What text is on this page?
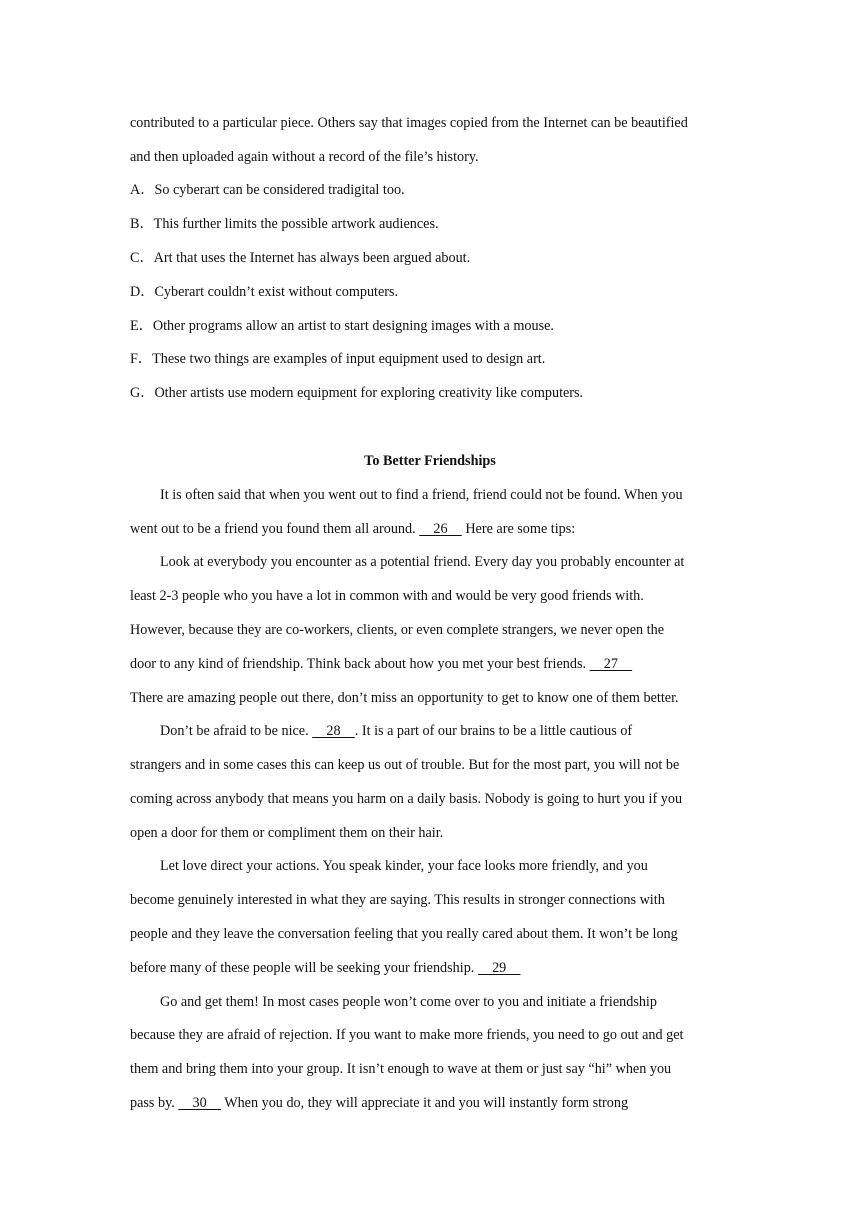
contributed to a particular piece. Others say that images copied from the Internet can be beautified
and then uploaded again without a record of the file’s history.
A．So cyberart can be considered tradigital too.
B．This further limits the possible artwork audiences.
C．Art that uses the Internet has always been argued about.
D．Cyberart couldn’t exist without computers.
E．Other programs allow an artist to start designing images with a mouse.
F．These two things are examples of input equipment used to design art.
G．Other artists use modern equipment for exploring creativity like computers.
To Better Friendships
It is often said that when you went out to find a friend, friend could not be found. When you
went out to be a friend you found them all around.     26     Here are some tips:
Look at everybody you encounter as a potential friend. Every day you probably encounter at
least 2-3 people who you have a lot in common with and would be very good friends with.
However, because they are co-workers, clients, or even complete strangers, we never open the
door to any kind of friendship. Think back about how you met your best friends.     27
There are amazing people out there, don’t miss an opportunity to get to know one of them better.
Don’t be afraid to be nice.     28    . It is a part of our brains to be a little cautious of
strangers and in some cases this can keep us out of trouble. But for the most part, you will not be
coming across anybody that means you harm on a daily basis. Nobody is going to hurt you if you
open a door for them or compliment them on their hair.
Let love direct your actions. You speak kinder, your face looks more friendly, and you
become genuinely interested in what they are saying. This results in stronger connections with
people and they leave the conversation feeling that you really cared about them. It won’t be long
before many of these people will be seeking your friendship.     29
Go and get them! In most cases people won’t come over to you and initiate a friendship
because they are afraid of rejection. If you want to make more friends, you need to go out and get
them and bring them into your group. It isn’t enough to wave at them or just say “hi” when you
pass by.     30     When you do, they will appreciate it and you will instantly form strong
